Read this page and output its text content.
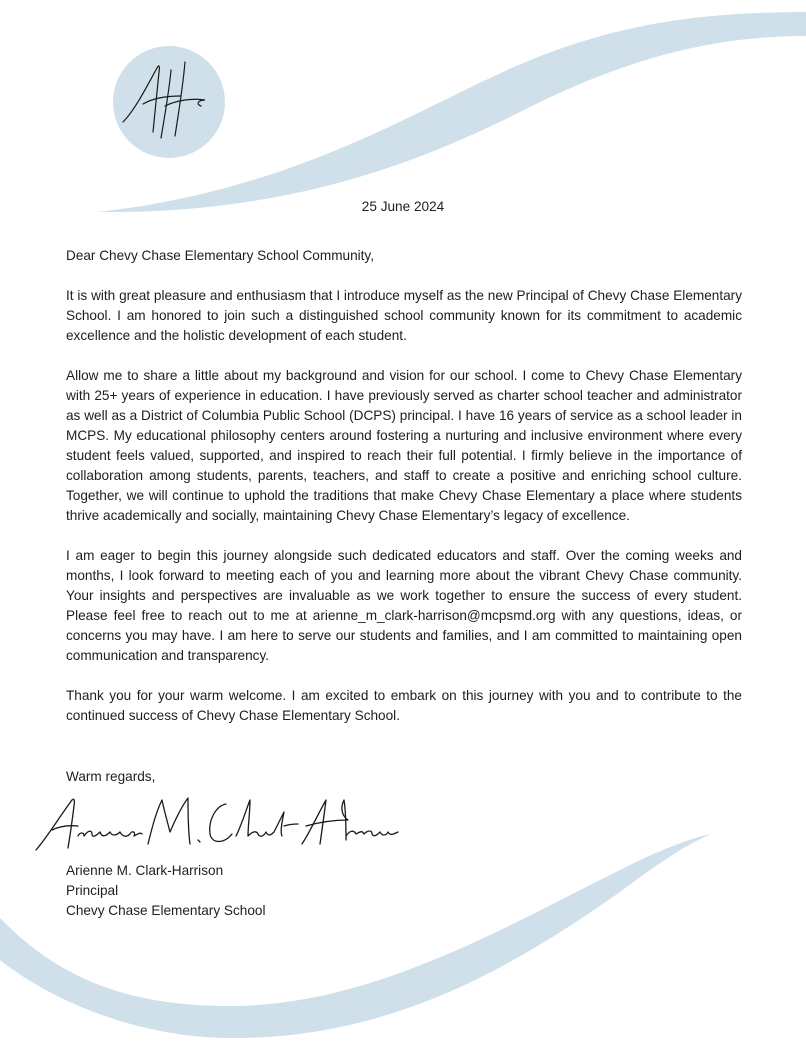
25 June 2024

Dear Chevy Chase Elementary School Community,

It is with great pleasure and enthusiasm that I introduce myself as the new Principal of Chevy Chase Elementary School. I am honored to join such a distinguished school community known for its commitment to academic excellence and the holistic development of each student.

Allow me to share a little about my background and vision for our school. I come to Chevy Chase Elementary with 25+ years of experience in education. I have previously served as charter school teacher and administrator as well as a District of Columbia Public School (DCPS) principal. I have 16 years of service as a school leader in MCPS. My educational philosophy centers around fostering a nurturing and inclusive environment where every student feels valued, supported, and inspired to reach their full potential. I firmly believe in the importance of collaboration among students, parents, teachers, and staff to create a positive and enriching school culture. Together, we will continue to uphold the traditions that make Chevy Chase Elementary a place where students thrive academically and socially, maintaining Chevy Chase Elementary’s legacy of excellence.

I am eager to begin this journey alongside such dedicated educators and staff. Over the coming weeks and months, I look forward to meeting each of you and learning more about the vibrant Chevy Chase community. Your insights and perspectives are invaluable as we work together to ensure the success of every student. Please feel free to reach out to me at arienne_m_clark-harrison@mcpsmd.org with any questions, ideas, or concerns you may have. I am here to serve our students and families, and I am committed to maintaining open communication and transparency.

Thank you for your warm welcome. I am excited to embark on this journey with you and to contribute to the continued success of Chevy Chase Elementary School.

Warm regards,
Arienne M. Clark-Harrison
Principal
Chevy Chase Elementary School
